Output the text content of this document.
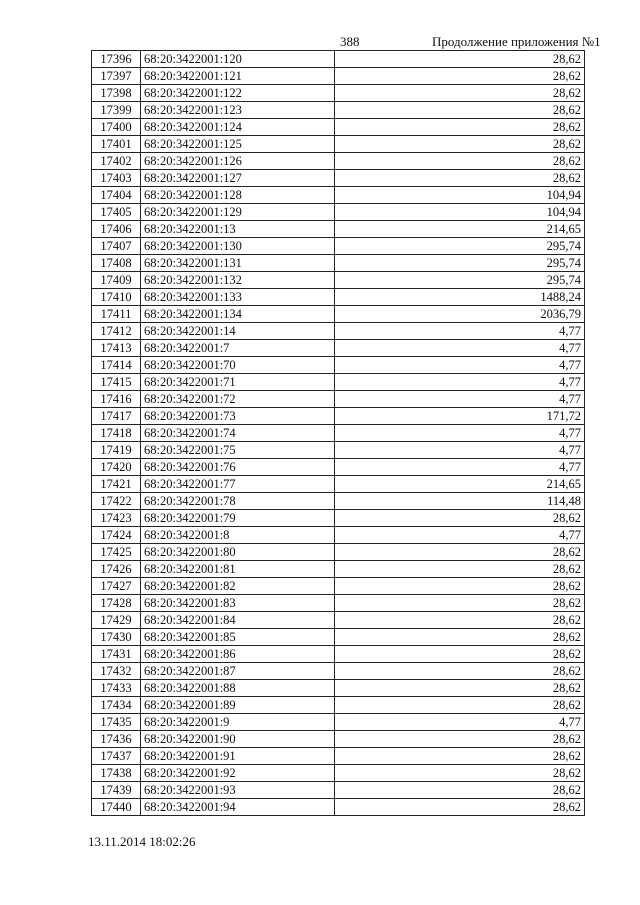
388	Продолжение приложения №1
17396	68:20:3422001:120	28,62
17397	68:20:3422001:121	28,62
17398	68:20:3422001:122	28,62
17399	68:20:3422001:123	28,62
17400	68:20:3422001:124	28,62
17401	68:20:3422001:125	28,62
17402	68:20:3422001:126	28,62
17403	68:20:3422001:127	28,62
17404	68:20:3422001:128	104,94
17405	68:20:3422001:129	104,94
17406	68:20:3422001:13	214,65
17407	68:20:3422001:130	295,74
17408	68:20:3422001:131	295,74
17409	68:20:3422001:132	295,74
17410	68:20:3422001:133	1488,24
17411	68:20:3422001:134	2036,79
17412	68:20:3422001:14	4,77
17413	68:20:3422001:7	4,77
17414	68:20:3422001:70	4,77
17415	68:20:3422001:71	4,77
17416	68:20:3422001:72	4,77
17417	68:20:3422001:73	171,72
17418	68:20:3422001:74	4,77
17419	68:20:3422001:75	4,77
17420	68:20:3422001:76	4,77
17421	68:20:3422001:77	214,65
17422	68:20:3422001:78	114,48
17423	68:20:3422001:79	28,62
17424	68:20:3422001:8	4,77
17425	68:20:3422001:80	28,62
17426	68:20:3422001:81	28,62
17427	68:20:3422001:82	28,62
17428	68:20:3422001:83	28,62
17429	68:20:3422001:84	28,62
17430	68:20:3422001:85	28,62
17431	68:20:3422001:86	28,62
17432	68:20:3422001:87	28,62
17433	68:20:3422001:88	28,62
17434	68:20:3422001:89	28,62
17435	68:20:3422001:9	4,77
17436	68:20:3422001:90	28,62
17437	68:20:3422001:91	28,62
17438	68:20:3422001:92	28,62
17439	68:20:3422001:93	28,62
17440	68:20:3422001:94	28,62
13.11.2014 18:02:26
